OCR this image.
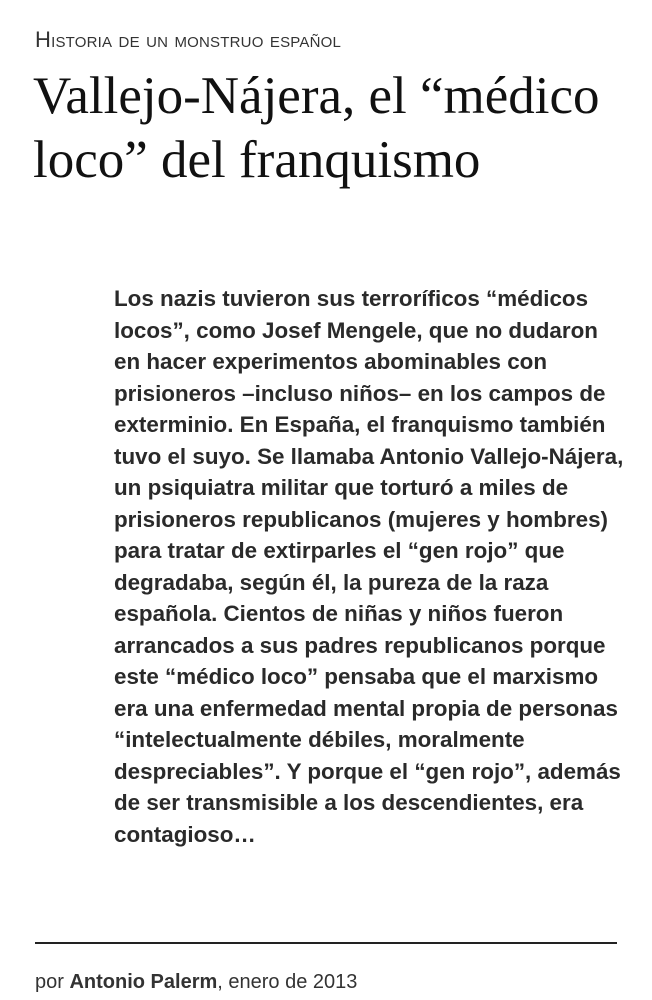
Historia de un monstruo español

Vallejo-Nájera, el “médico loco” del franquismo

Los nazis tuvieron sus terroríficos “médicos locos”, como Josef Mengele, que no dudaron en hacer experimentos abominables con prisioneros –incluso niños– en los campos de exterminio. En España, el franquismo también tuvo el suyo. Se llamaba Antonio Vallejo-Nájera, un psiquiatra militar que torturó a miles de prisioneros republicanos (mujeres y hombres) para tratar de extirparles el “gen rojo” que degradaba, según él, la pureza de la raza española. Cientos de niñas y niños fueron arrancados a sus padres republicanos porque este “médico loco” pensaba que el marxismo era una enfermedad mental propia de personas “intelectualmente débiles, moralmente despreciables”. Y porque el “gen rojo”, además de ser transmisible a los descendientes, era contagioso…

por Antonio Palerm, enero de 2013
